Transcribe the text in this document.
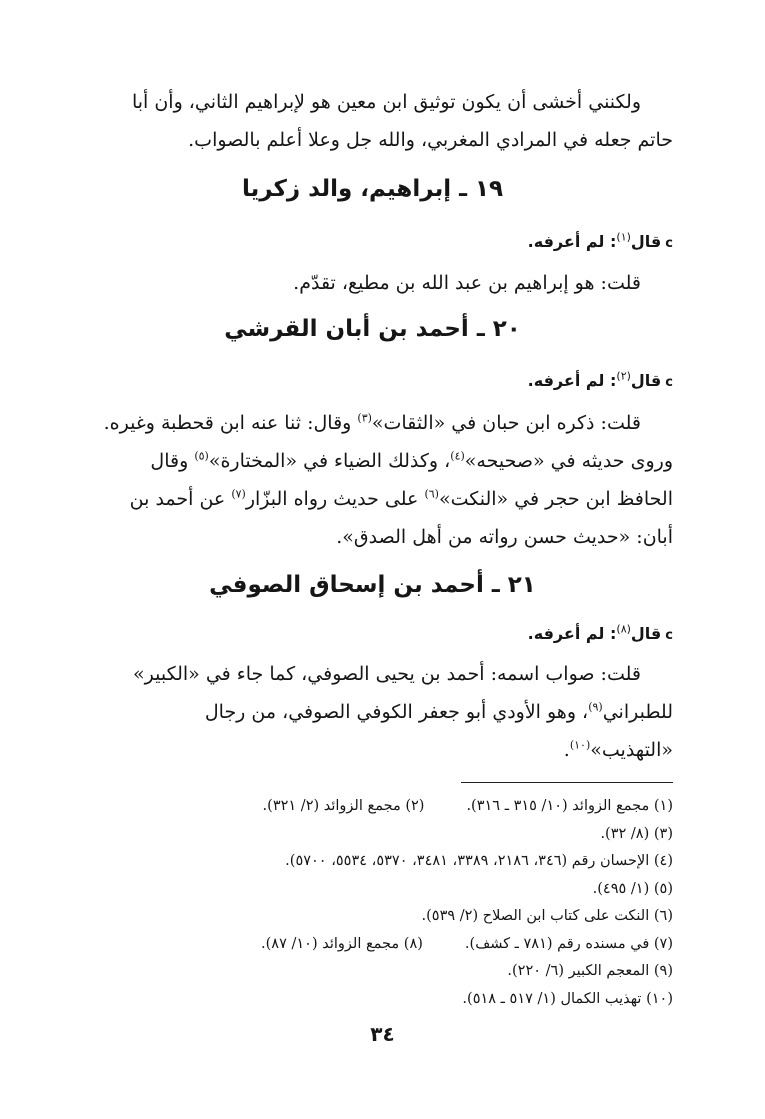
ولكنني أخشى أن يكون توثيق ابن معين هو لإبراهيم الثاني، وأن أبا
حاتم جعله في المرادي المغربي، والله جل وعلا أعلم بالصواب.

١٩ ـ إبراهيم، والد زكريا

cقال$^{(١)}$: لم أعرفه.

قلت: هو إبراهيم بن عبد الله بن مطيع، تقدّم.

٢٠ ـ أحمد بن أبان القرشي

cقال$^{(٢)}$: لم أعرفه.

قلت: ذكره ابن حبان في «الثقات»$^{(٣)}$ وقال: ثنا عنه ابن قحطبة وغيره.
وروى حديثه في «صحيحه»$^{(٤)}$، وكذلك الضياء في «المختارة»$^{(٥)}$ وقال
الحافظ ابن حجر في «النكت»$^{(٦)}$ على حديث رواه البزّار$^{(٧)}$ عن أحمد بن
أبان: «حديث حسن رواته من أهل الصدق».

٢١ ـ أحمد بن إسحاق الصوفي

cقال$^{(٨)}$: لم أعرفه.

قلت: صواب اسمه: أحمد بن يحيى الصوفي، كما جاء في «الكبير»
للطبراني$^{(٩)}$، وهو الأودي أبو جعفر الكوفي الصوفي، من رجال
«التهذيب»$^{(١٠)}$.

(١) مجمع الزوائد (١٠/ ٣١٥ ـ ٣١٦).(٢) مجمع الزوائد (٢/ ٣٢١).
(٣) (٨/ ٣٢).
(٤) الإحسان رقم (٣٤٦، ٢١٨٦، ٣٣٨٩، ٣٤٨١، ٥٣٧٠، ٥٥٣٤، ٥٧٠٠).
(٥) (١/ ٤٩٥).
(٦) النكت على كتاب ابن الصلاح (٢/ ٥٣٩).
(٧) في مسنده رقم (٧٨١ ـ كشف).(٨) مجمع الزوائد (١٠/ ٨٧).
(٩) المعجم الكبير (٦/ ٢٢٠).
(١٠) تهذيب الكمال (١/ ٥١٧ ـ ٥١٨).
٣٤
